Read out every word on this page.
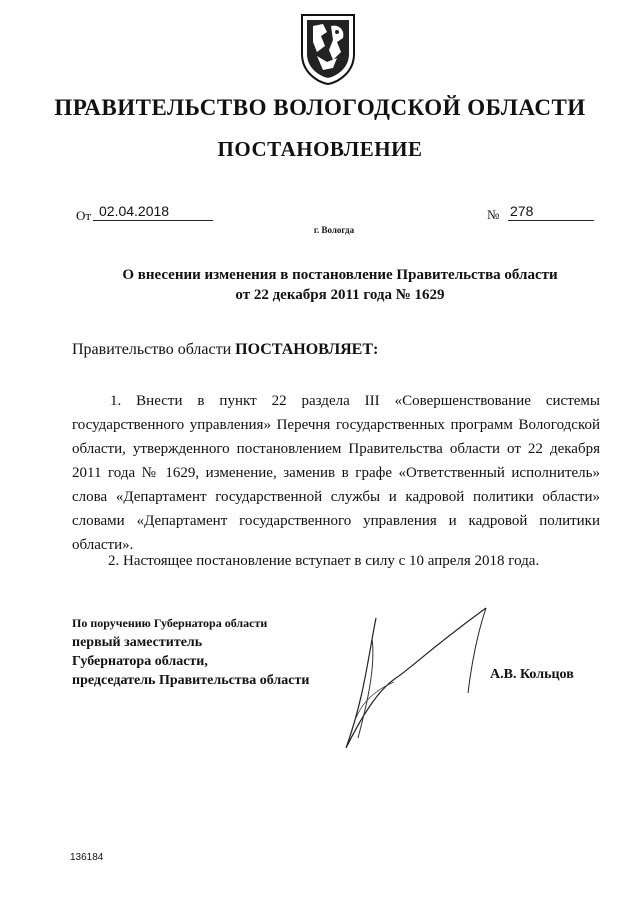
ПРАВИТЕЛЬСТВО ВОЛОГОДСКОЙ ОБЛАСТИ
ПОСТАНОВЛЕНИЕ
От 02.04.2018	№ 278
г. Вологда
О внесении изменения в постановление Правительства области
от 22 декабря 2011 года № 1629
Правительство области ПОСТАНОВЛЯЕТ:
1. Внести в пункт 22 раздела III «Совершенствование системы государственного управления» Перечня государственных программ Вологодской области, утвержденного постановлением Правительства области от 22 декабря 2011 года № 1629, изменение, заменив в графе «Ответственный исполнитель» слова «Департамент государственной службы и кадровой политики области» словами «Департамент государственного управления и кадровой политики области».
2. Настоящее постановление вступает в силу с 10 апреля 2018 года.
По поручению Губернатора области
первый заместитель
Губернатора области,
председатель Правительства области	А.В. Кольцов
136184
